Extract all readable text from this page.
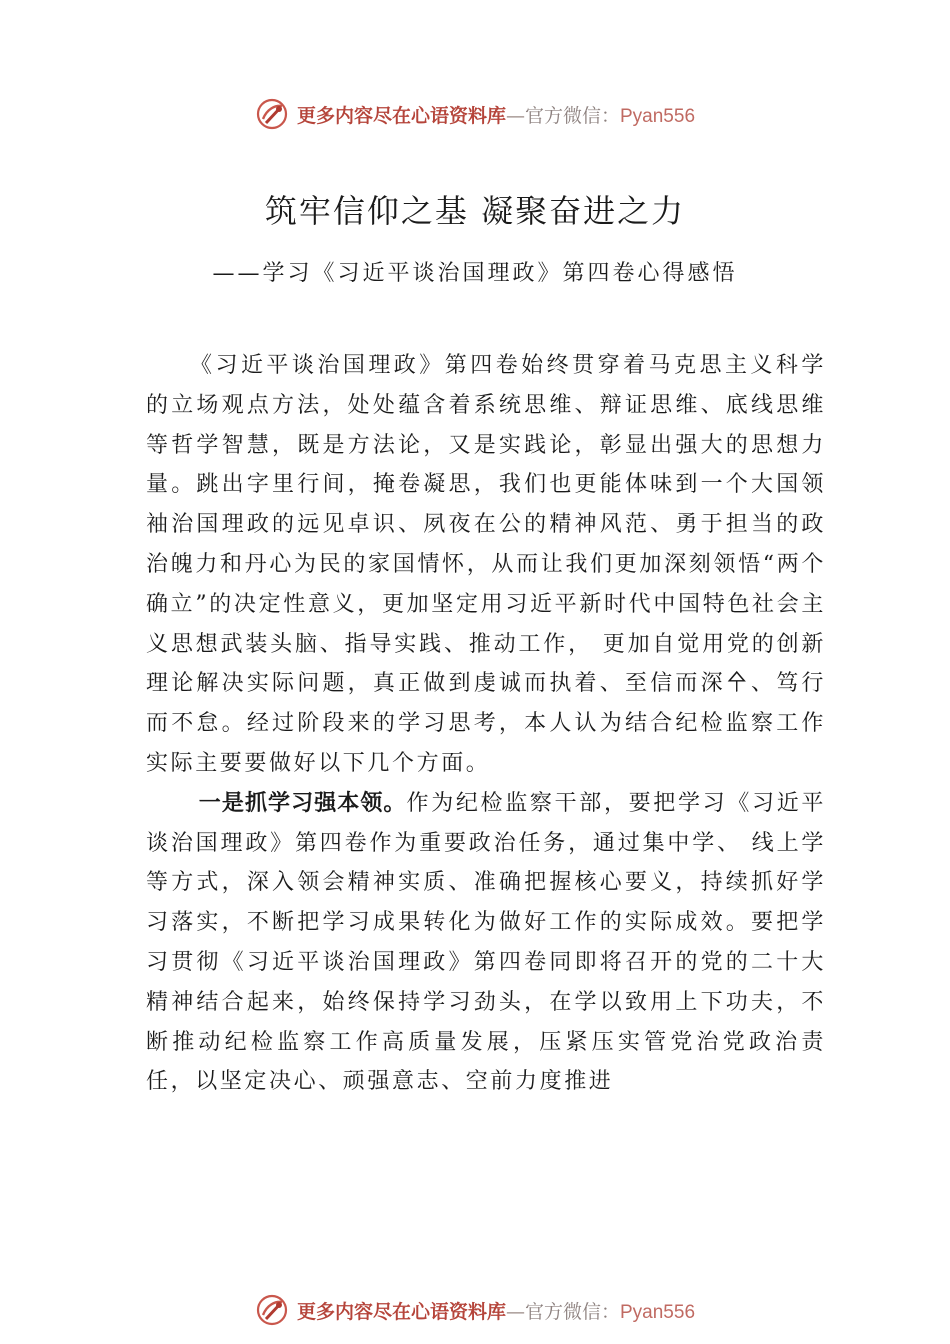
更多内容尽在心语资料库—官方微信：Pyan556
筑牢信仰之基 凝聚奋进之力
——学习《习近平谈治国理政》第四卷心得感悟

《习近平谈治国理政》第四卷始终贯穿着马克思主义科学的立场观点方法，处处蕴含着系统思维、辩证思维、底线思维等哲学智慧，既是方法论，又是实践论，彰显出强大的思想力量。跳出字里行间，掩卷凝思，我们也更能体味到一个大国领袖治国理政的远见卓识、夙夜在公的精神风范、勇于担当的政治魄力和丹心为民的家国情怀，从而让我们更加深刻领悟“两个确立”的决定性意义，更加坚定用习近平新时代中国特色社会主义思想武装头脑、指导实践、推动工作， 更加自觉用党的创新理论解决实际问题，真正做到虔诚而执着、至信而深㐃、笃行而不怠。经过阶段来的学习思考，本人认为结合纪检监察工作实际主要要做好以下几个方面。

一是抓学习强本领。作为纪检监察干部，要把学习《习近平谈治国理政》第四卷作为重要政治任务，通过集中学、 线上学等方式，深入领会精神实质、准确把握核心要义，持续抓好学习落实，不断把学习成果转化为做好工作的实际成效。要把学习贯彻《习近平谈治国理政》第四卷同即将召开的党的二十大精神结合起来，始终保持学习劲头，在学以致用上下功夫，不断推动纪检监察工作高质量发展，压紧压实管党治党政治责任，以坚定决心、顽强意志、空前力度推进

更多内容尽在心语资料库—官方微信：Pyan556
